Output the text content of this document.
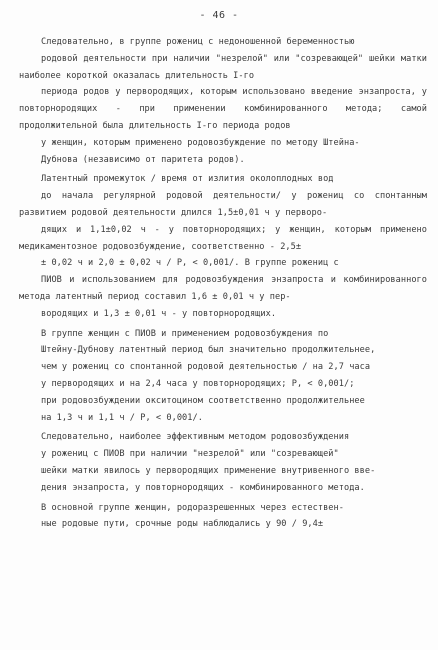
- 46 -

Следовательно, в группе рожениц с недоношенной беременностью
родовой деятельности при наличии "незрелой" или "созревающей" шейки матки наиболее короткой оказалась длительность I-го
периода родов у первородящих, которым использовано введение энзапроста, у повторнородящих - при применении комбинированного метода; самой продолжительной была длительность I-го периода родов
у женщин, которым применено родовозбуждение по методу Штейна-
Дубнова (независимо от паритета родов).

Латентный промежуток / время от излития околоплодных вод
до начала регулярной родовой деятельности/ у рожениц со спонтанным развитием родовой деятельности длился 1,5±0,01 ч у перворо-
дящих и 1,1±0,02 ч - у повторнородящих; у женщин, которым применено медикаментозное родовозбуждение, соответственно - 2,5±
± 0,02 ч и 2,0 ± 0,02 ч / P, < 0,001/. В группе рожениц с
ПИОВ и использованием для родовозбуждения энзапроста и комбинированного метода латентный период составил 1,6 ± 0,01 ч у пер-
вородящих и 1,3 ± 0,01 ч - у повторнородящих.

В группе женщин с ПИОВ и применением родовозбуждения по
Штейну-Дубнову латентный период был значительно продолжительнее,
чем у рожениц со спонтанной родовой деятельностью / на 2,7 часа
у первородящих и на 2,4 часа у повторнородящих; P, < 0,001/;
при родовозбуждении окситоцином соответственно продолжительнее
на 1,3 ч и 1,1 ч / P, < 0,001/.

Следовательно, наиболее эффективным методом родовозбуждения
у рожениц с ПИОВ при наличии "незрелой" или "созревающей"
шейки матки явилось у первородящих применение внутривенного вве-
дения энзапроста, у повторнородящих - комбинированного метода.

В основной группе женщин, родоразрешенных через естествен-
ные родовые пути, срочные роды наблюдались у 90 / 9,4±
